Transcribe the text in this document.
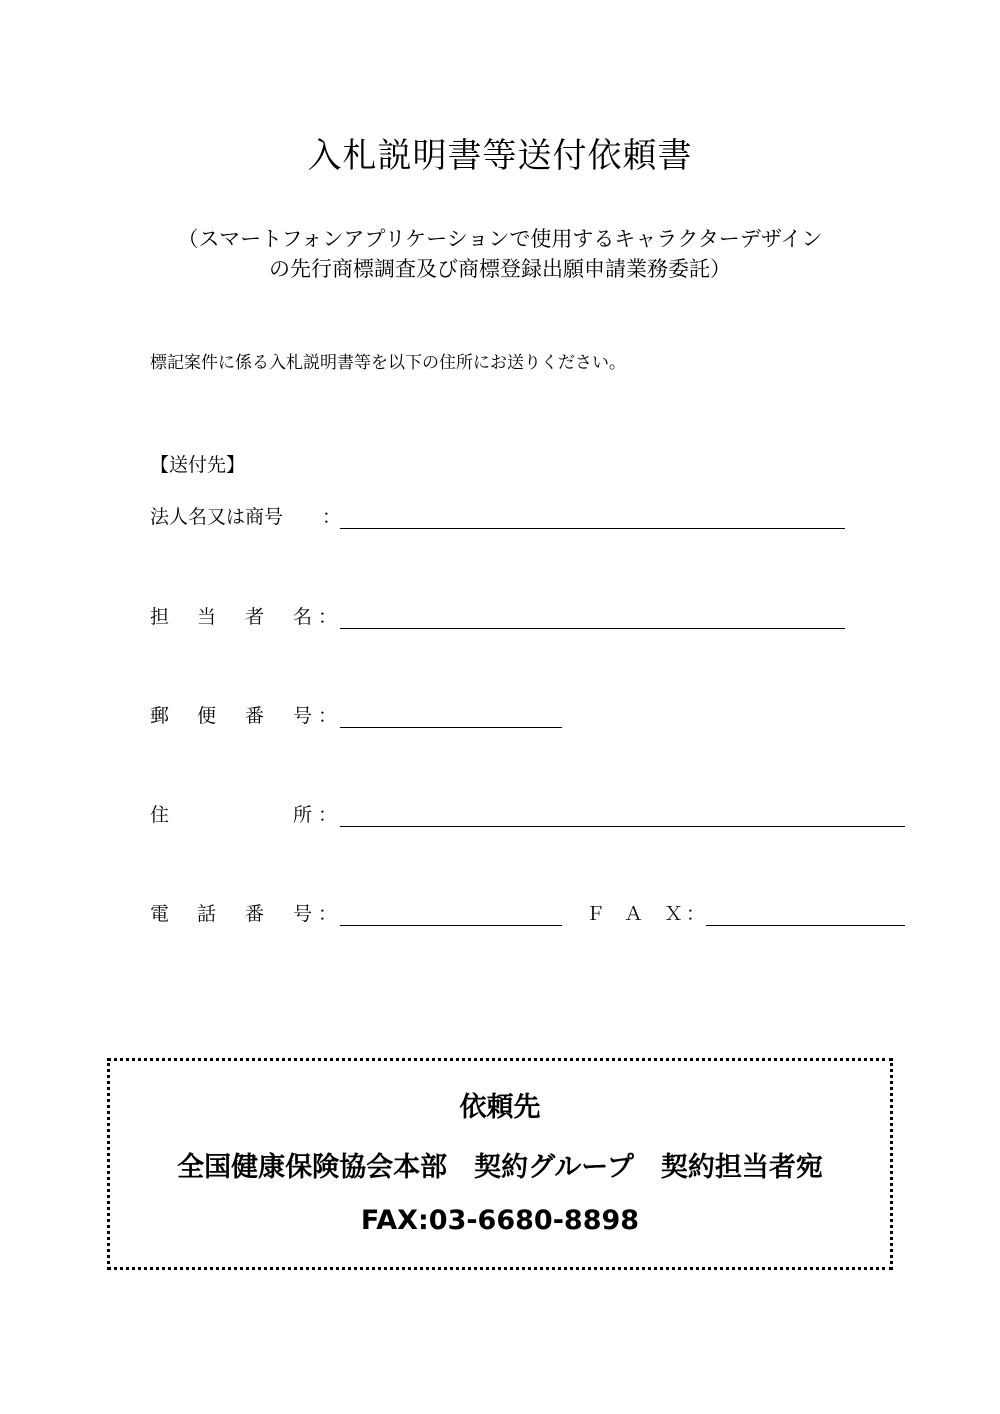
入札説明書等送付依頼書
（スマートフォンアプリケーションで使用するキャラクターデザイン
の先行商標調査及び商標登録出願申請業務委託）
標記案件に係る入札説明書等を以下の住所にお送りください。
【送付先】
法人名又は商号 ：
担 当 者 名 ：
郵 便 番 号 ：
住	所 ：
電 話 番 号 ：	Ｆ Ａ Ｘ ：
依頼先
全国健康保険協会本部　契約グループ　契約担当者宛
FAX:03-6680-8898
